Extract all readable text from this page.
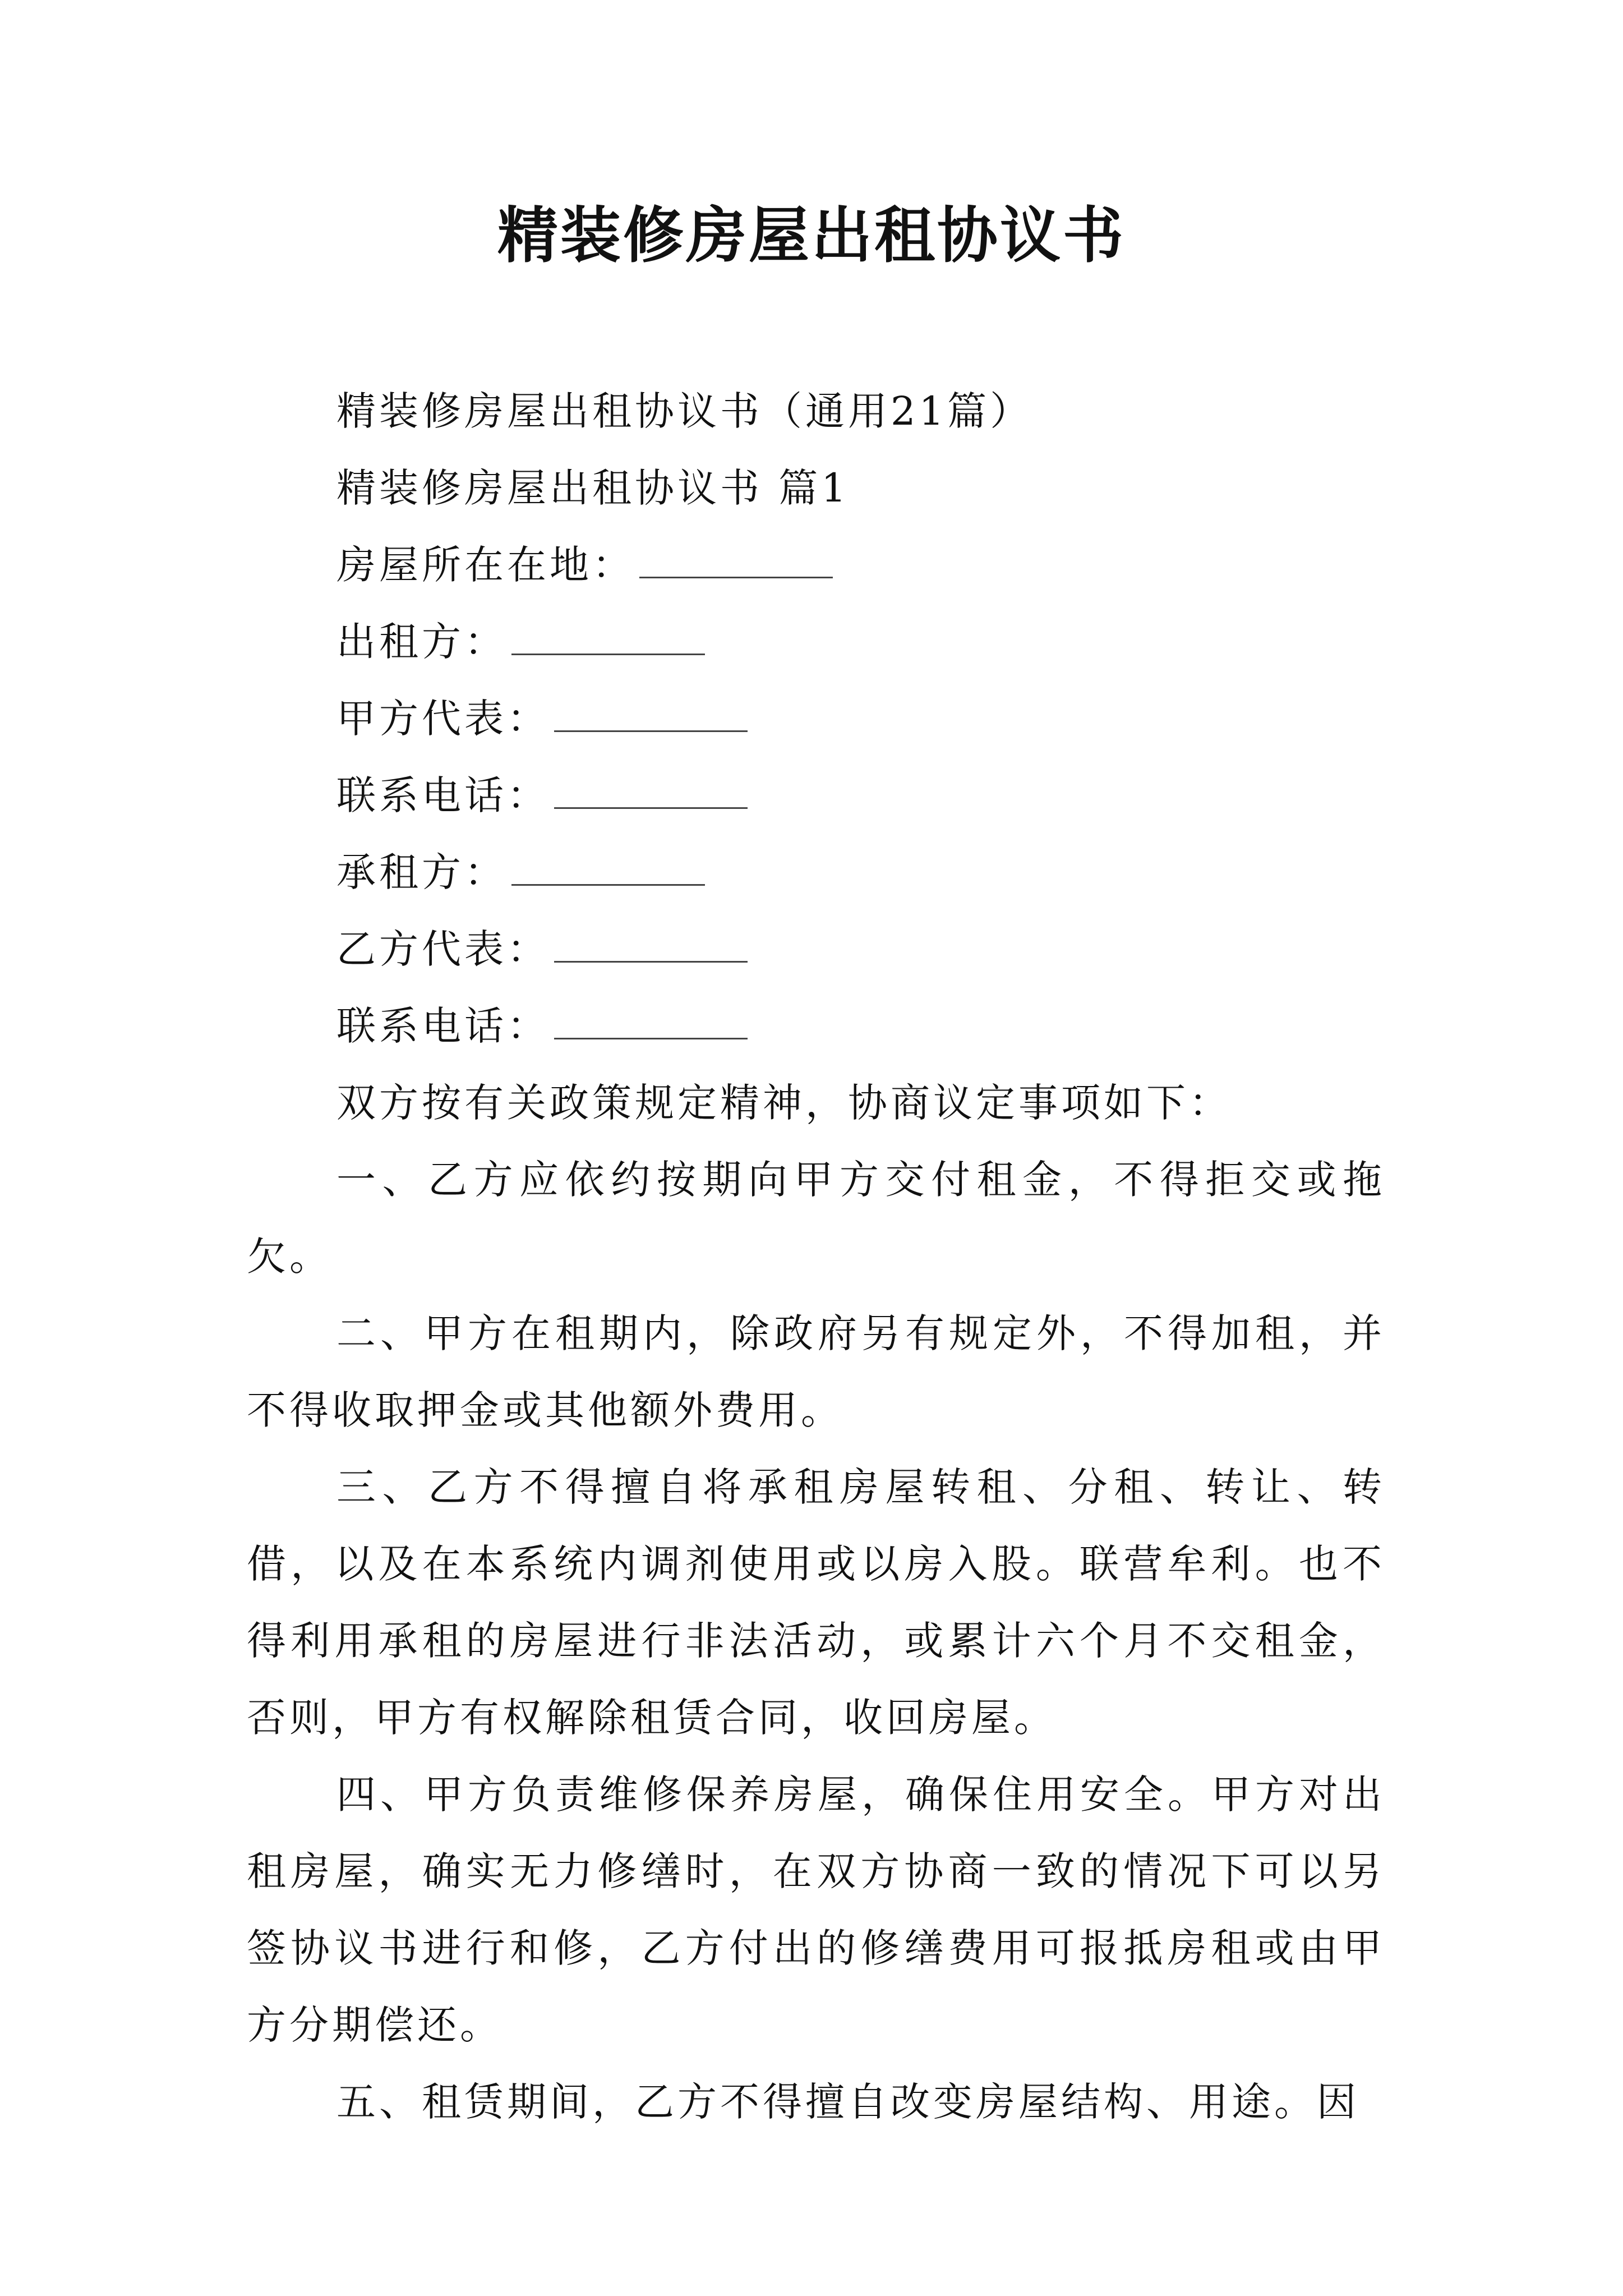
精装修房屋出租协议书
精装修房屋出租协议书（通用21篇）
精装修房屋出租协议书 篇1
房屋所在在地：
出租方：
甲方代表：
联系电话：
承租方：
乙方代表：
联系电话：
双方按有关政策规定精神，协商议定事项如下：
一、乙方应依约按期向甲方交付租金，不得拒交或拖欠。
二、甲方在租期内，除政府另有规定外，不得加租，并不得收取押金或其他额外费用。
三、乙方不得擅自将承租房屋转租、分租、转让、转借，以及在本系统内调剂使用或以房入股。联营牟利。也不得利用承租的房屋进行非法活动，或累计六个月不交租金，否则，甲方有权解除租赁合同，收回房屋。
四、甲方负责维修保养房屋，确保住用安全。甲方对出租房屋，确实无力修缮时，在双方协商一致的情况下可以另签协议书进行和修，乙方付出的修缮费用可报抵房租或由甲方分期偿还。
五、租赁期间，乙方不得擅自改变房屋结构、用途。因
